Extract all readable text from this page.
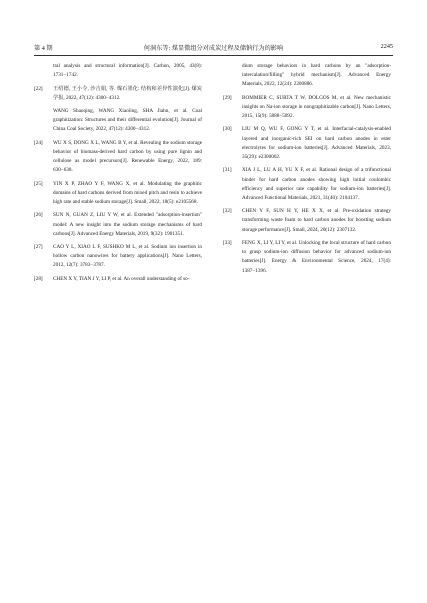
第 4 期	何洞东等: 煤显微组分对成炭过程及储钠行为的影响	2245
tral analysis and structural information[J]. Carbon, 2005, 43(8): 1731−1742.
[22] 王绍德, 王小令, 沙吉娟, 等. 煤石墨化: 结构和差异性演化[J]. 煤炭学报, 2022, 47(12): 4300−4312.
WANG Shaoqing, WANG Xiaoling, SHA Jiahn, et al. Coal graphitization: Structures and their differential evolution[J]. Journal of China Coal Society, 2022, 47(12): 4300−4312.
[24] WU X S, DONG X L, WANG B Y, et al. Revealing the sodium storage behavior of biomass-derived hard carbon by using pure lignin and cellulose as model precursors[J]. Renewable Energy, 2022, 189: 630−638.
[25] YIN X P, ZHAO Y F, WANG X, et al. Modulating the graphitic domains of hard carbons derived from mixed pitch and resin to achieve high rate and stable sodium storage[J]. Small, 2022, 18(5): e2105568.
[26] SUN N, GUAN Z, LIU Y W, et al. Extended "adsorption-insertion" model: A new insight into the sodium storage mechanisms of hard carbons[J]. Advanced Energy Materials, 2019, 9(32): 1901351.
[27] CAO Y L, XIAO L F, SUSHKO M L, et al. Sodium ion insertion in hollow carbon nanowires for battery applications[J]. Nano Letters, 2012, 12(7): 3783−3787.
[28] CHEN X Y, TIAN J Y, LI P, et al. An overall understanding of so-
dium storage behaviors in hard carbons by an "adsorption-intercalation/filling" hybrid mechanism[J]. Advanced Energy Materials, 2022, 12(24): 2200886.
[29] BOMMIER C, SURTA T W, DOLGOS M, et al. New mechanistic insights on Na-ion storage in nongraphitizable carbon[J]. Nano Letters, 2015, 15(9): 5888−5892.
[30] LIU M Q, WU F, GONG Y T, et al. Interfacial-catalysis-enabled layered and inorganic-rich SEI on hard carbon anodes in ester electrolytes for sodium-ion batteries[J]. Advanced Materials, 2023, 35(29): e2300002.
[31] XIA J L, LU A H, YU X F, et al. Rational design of a trifunctional binder for hard carbon anodes showing high initial coulombic efficiency and superior rate capability for sodium-ion batteries[J]. Advanced Functional Materials, 2021, 31(40): 2104137.
[32] CHEN Y F, SUN H Y, HE X X, et al. Pre-oxidation strategy transforming waste foam to hard carbon anodes for boosting sodium storage performance[J]. Small, 2024, 20(12): 2307132.
[33] FENG X, LI Y, LI Y, et al. Unlocking the local structure of hard carbon to grasp sodium-ion diffusion behavior for advanced sodium-ion batteries[J]. Energy & Environmental Science, 2024, 17(4): 1387−1396.
